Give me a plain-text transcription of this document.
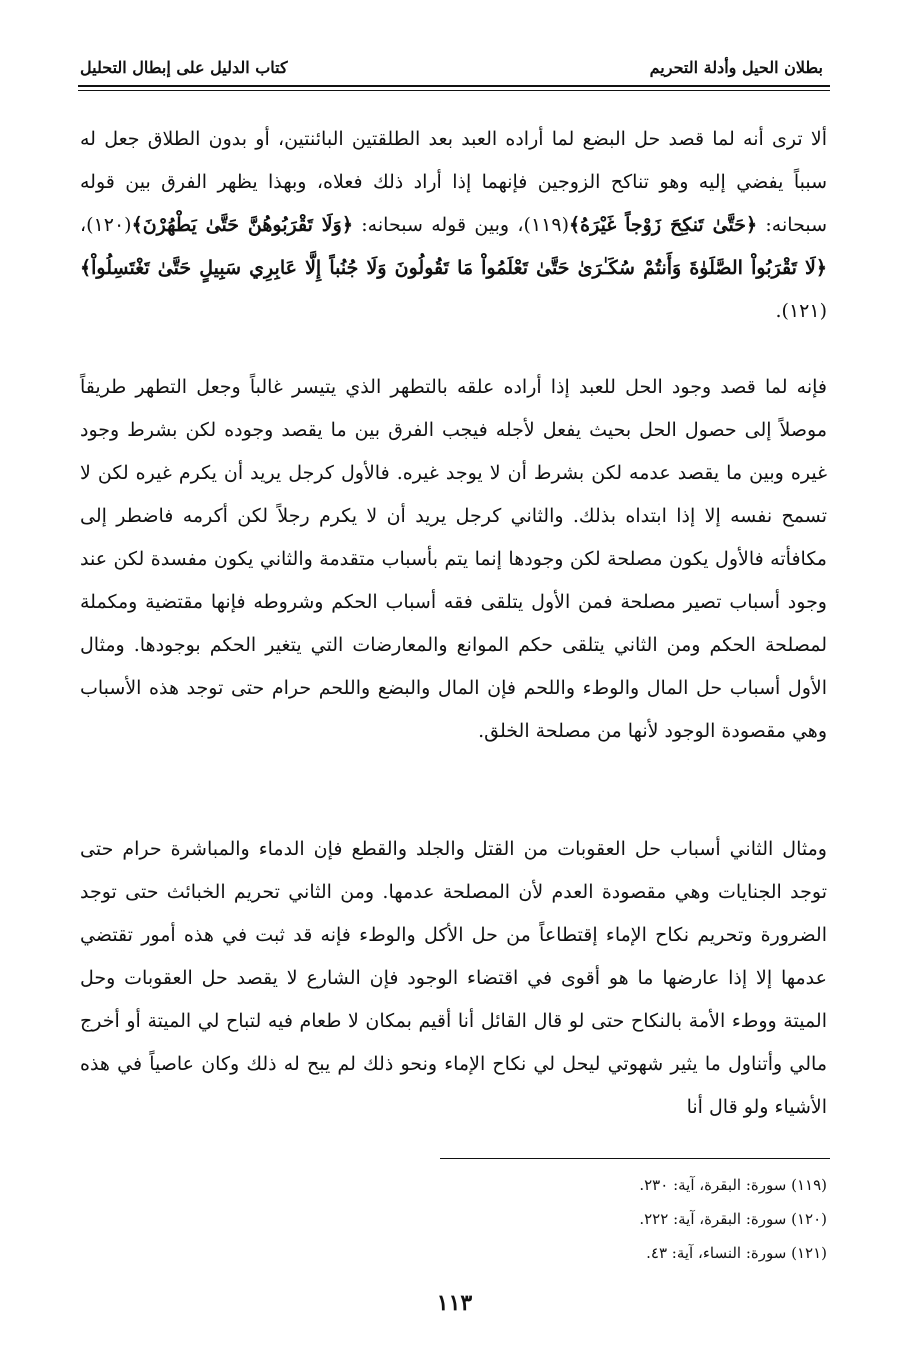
بطلان الحيل وأدلة التحريم
كتاب الدليل على إبطال التحليل
ألا ترى أنه لما قصد حل البضع لما أراده العبد بعد الطلقتين البائنتين، أو بدون الطلاق جعل له سبباً يفضي إليه وهو تناكح الزوجين فإنهما إذا أراد ذلك فعلاه، وبهذا يظهر الفرق بين قوله سبحانه: ﴿حَتَّىٰ تَنكِحَ زَوْجاً غَيْرَهُ﴾(١١٩)، وبين قوله سبحانه: ﴿وَلَا تَقْرَبُوهُنَّ حَتَّىٰ يَطْهُرْنَ﴾(١٢٠)، ﴿لَا تَقْرَبُواْ الصَّلَوٰةَ وَأَنتُمْ سُكَـٰرَىٰ حَتَّىٰ تَعْلَمُواْ مَا تَقُولُونَ وَلَا جُنُباً إِلَّا عَابِرِي سَبِيلٍ حَتَّىٰ تَغْتَسِلُواْ﴾(١٢١).
فإنه لما قصد وجود الحل للعبد إذا أراده علقه بالتطهر الذي يتيسر غالباً وجعل التطهر طريقاً موصلاً إلى حصول الحل بحيث يفعل لأجله فيجب الفرق بين ما يقصد وجوده لكن بشرط وجود غيره وبين ما يقصد عدمه لكن بشرط أن لا يوجد غيره. فالأول كرجل يريد أن يكرم غيره لكن لا تسمح نفسه إلا إذا ابتداه بذلك. والثاني كرجل يريد أن لا يكرم رجلاً لكن أكرمه فاضطر إلى مكافأته فالأول يكون مصلحة لكن وجودها إنما يتم بأسباب متقدمة والثاني يكون مفسدة لكن عند وجود أسباب تصير مصلحة فمن الأول يتلقى فقه أسباب الحكم وشروطه فإنها مقتضية ومكملة لمصلحة الحكم ومن الثاني يتلقى حكم الموانع والمعارضات التي يتغير الحكم بوجودها. ومثال الأول أسباب حل المال والوطء واللحم فإن المال والبضع واللحم حرام حتى توجد هذه الأسباب وهي مقصودة الوجود لأنها من مصلحة الخلق.
ومثال الثاني أسباب حل العقوبات من القتل والجلد والقطع فإن الدماء والمباشرة حرام حتى توجد الجنايات وهي مقصودة العدم لأن المصلحة عدمها. ومن الثاني تحريم الخبائث حتى توجد الضرورة وتحريم نكاح الإماء إقتطاعاً من حل الأكل والوطء فإنه قد ثبت في هذه أمور تقتضي عدمها إلا إذا عارضها ما هو أقوى في اقتضاء الوجود فإن الشارع لا يقصد حل العقوبات وحل الميتة ووطء الأمة بالنكاح حتى لو قال القائل أنا أقيم بمكان لا طعام فيه لتباح لي الميتة أو أخرج مالي وأتناول ما يثير شهوتي ليحل لي نكاح الإماء ونحو ذلك لم يبح له ذلك وكان عاصياً في هذه الأشياء ولو قال أنا
(١١٩) سورة: البقرة، آية: ٢٣٠.
(١٢٠) سورة: البقرة، آية: ٢٢٢.
(١٢١) سورة: النساء، آية: ٤٣.
١١٣
